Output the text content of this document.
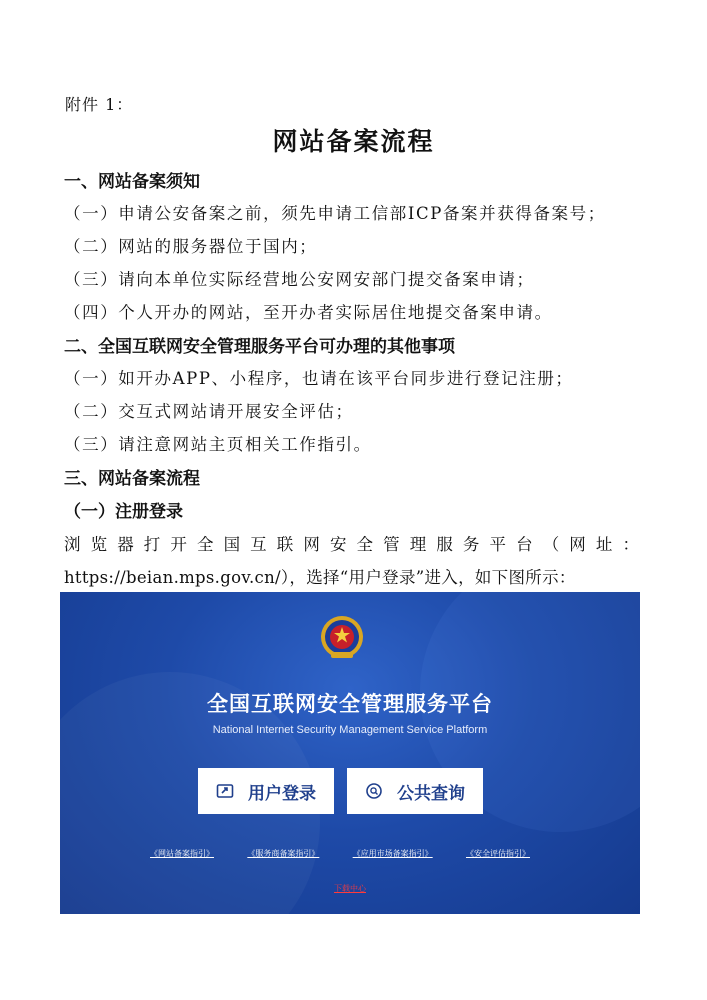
附件 1：
网站备案流程
一、网站备案须知
（一）申请公安备案之前，须先申请工信部ICP备案并获得备案号；
（二）网站的服务器位于国内；
（三）请向本单位实际经营地公安网安部门提交备案申请；
（四）个人开办的网站，至开办者实际居住地提交备案申请。
二、全国互联网安全管理服务平台可办理的其他事项
（一）如开办APP、小程序，也请在该平台同步进行登记注册；
（二）交互式网站请开展安全评估；
（三）请注意网站主页相关工作指引。
三、网站备案流程
（一）注册登录
浏 览 器 打 开 全 国 互 联 网 安 全 管 理 服 务 平 台 （ 网 址 ：
https://beian.mps.gov.cn/），选择“用户登录”进入，如下图所示：
全国互联网安全管理服务平台
National Internet Security Management Service Platform
用户登录	公共查询
《网站备案指引》	《服务商备案指引》	《应用市场备案指引》	《安全评估指引》
下载中心
